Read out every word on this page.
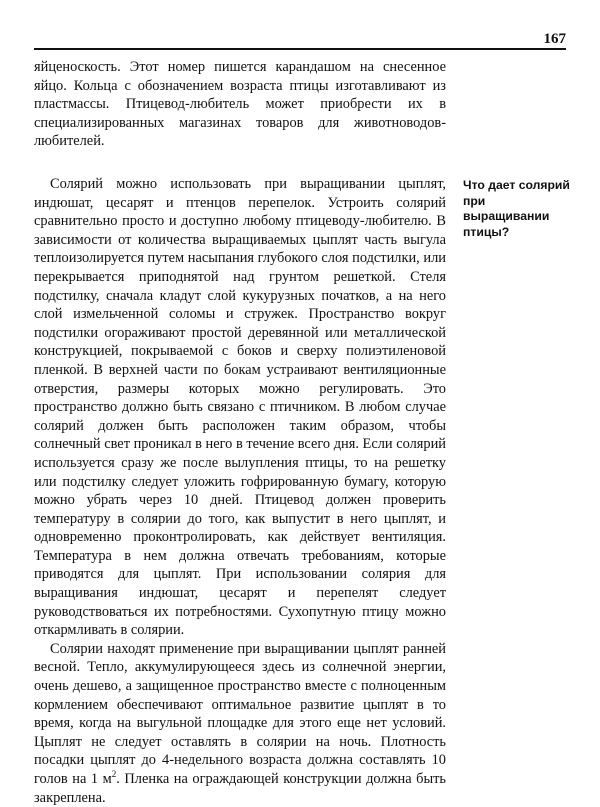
167

яйценоскость. Этот номер пишется карандашом на снесенное яйцо. Кольца с обозначением возраста птицы изготавливают из пластмассы. Птицевод-любитель может приобрести их в специализированных магазинах товаров для животноводов-любителей.

Что дает солярий при выращивании птицы?

Солярий можно использовать при выращивании цыплят, индюшат, цесарят и птенцов перепелок. Устроить солярий сравнительно просто и доступно любому птицеводу-любителю. В зависимости от количества выращиваемых цыплят часть выгула теплоизолируется путем насыпания глубокого слоя подстилки, или перекрывается приподнятой над грунтом решеткой. Стеля подстилку, сначала кладут слой кукурузных початков, а на него слой измельченной соломы и стружек. Пространство вокруг подстилки огораживают простой деревянной или металлической конструкцией, покрываемой с боков и сверху полиэтиленовой пленкой. В верхней части по бокам устраивают вентиляционные отверстия, размеры которых можно регулировать. Это пространство должно быть связано с птичником. В любом случае солярий должен быть расположен таким образом, чтобы солнечный свет проникал в него в течение всего дня. Если солярий используется сразу же после вылупления птицы, то на решетку или подстилку следует уложить гофрированную бумагу, которую можно убрать через 10 дней. Птицевод должен проверить температуру в солярии до того, как выпустит в него цыплят, и одновременно проконтролировать, как действует вентиляция. Температура в нем должна отвечать требованиям, которые приводятся для цыплят. При использовании солярия для выращивания индюшат, цесарят и перепелят следует руководствоваться их потребностями. Сухопутную птицу можно откармливать в солярии.

Солярии находят применение при выращивании цыплят ранней весной. Тепло, аккумулирующееся здесь из солнечной энергии, очень дешево, а защищенное пространство вместе с полноценным кормлением обеспечивают оптимальное развитие цыплят в то время, когда на выгульной площадке для этого еще нет условий. Цыплят не следует оставлять в солярии на ночь. Плотность посадки цыплят до 4-недельного возраста должна составлять 10 голов на 1 $м^2$. Пленка на ограждающей конструкции должна быть закреплена.
